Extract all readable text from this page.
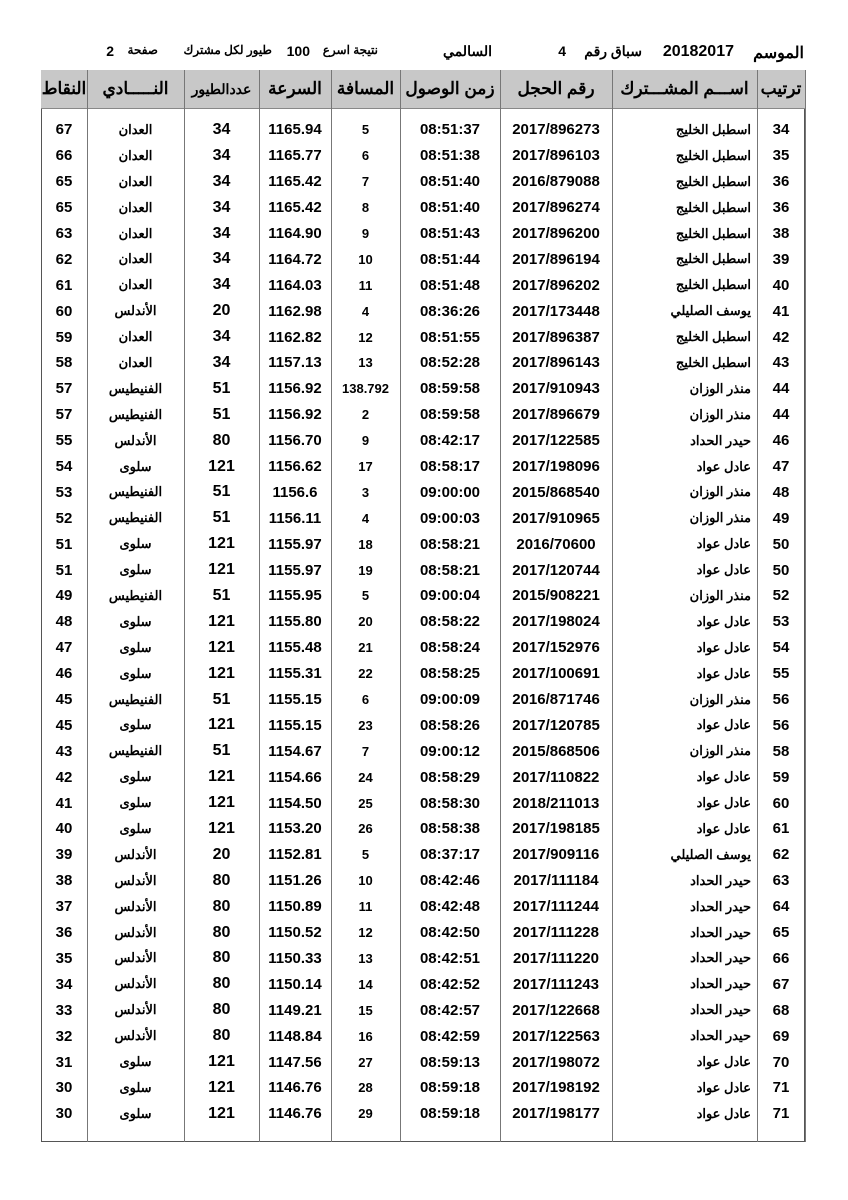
الموسم
20182017
سباق رقم
4
السالمي
نتيجة اسرع
100
طيور لكل مشترك
صفحة
2
ترتيب	اســـم المشـــترك	رقم الحجل	زمن الوصول	المسافة	السرعة	عددالطيور	النـــــادي	النقاط

34	اسطبل الخليج	2017/896273	08:51:37	5	1165.94	34	العدان	67
35	اسطبل الخليج	2017/896103	08:51:38	6	1165.77	34	العدان	66
36	اسطبل الخليج	2016/879088	08:51:40	7	1165.42	34	العدان	65
36	اسطبل الخليج	2017/896274	08:51:40	8	1165.42	34	العدان	65
38	اسطبل الخليج	2017/896200	08:51:43	9	1164.90	34	العدان	63
39	اسطبل الخليج	2017/896194	08:51:44	10	1164.72	34	العدان	62
40	اسطبل الخليج	2017/896202	08:51:48	11	1164.03	34	العدان	61
41	يوسف الصليلي	2017/173448	08:36:26	4	1162.98	20	الأندلس	60
42	اسطبل الخليج	2017/896387	08:51:55	12	1162.82	34	العدان	59
43	اسطبل الخليج	2017/896143	08:52:28	13	1157.13	34	العدان	58
44	منذر الوزان	2017/910943	08:59:58	138.792	1156.92	51	الفنيطيس	57
44	منذر الوزان	2017/896679	08:59:58	2	1156.92	51	الفنيطيس	57
46	حيدر الحداد	2017/122585	08:42:17	9	1156.70	80	الأندلس	55
47	عادل عواد	2017/198096	08:58:17	17	1156.62	121	سلوى	54
48	منذر الوزان	2015/868540	09:00:00	3	1156.6	51	الفنيطيس	53
49	منذر الوزان	2017/910965	09:00:03	4	1156.11	51	الفنيطيس	52
50	عادل عواد	2016/70600	08:58:21	18	1155.97	121	سلوى	51
50	عادل عواد	2017/120744	08:58:21	19	1155.97	121	سلوى	51
52	منذر الوزان	2015/908221	09:00:04	5	1155.95	51	الفنيطيس	49
53	عادل عواد	2017/198024	08:58:22	20	1155.80	121	سلوى	48
54	عادل عواد	2017/152976	08:58:24	21	1155.48	121	سلوى	47
55	عادل عواد	2017/100691	08:58:25	22	1155.31	121	سلوى	46
56	منذر الوزان	2016/871746	09:00:09	6	1155.15	51	الفنيطيس	45
56	عادل عواد	2017/120785	08:58:26	23	1155.15	121	سلوى	45
58	منذر الوزان	2015/868506	09:00:12	7	1154.67	51	الفنيطيس	43
59	عادل عواد	2017/110822	08:58:29	24	1154.66	121	سلوى	42
60	عادل عواد	2018/211013	08:58:30	25	1154.50	121	سلوى	41
61	عادل عواد	2017/198185	08:58:38	26	1153.20	121	سلوى	40
62	يوسف الصليلي	2017/909116	08:37:17	5	1152.81	20	الأندلس	39
63	حيدر الحداد	2017/111184	08:42:46	10	1151.26	80	الأندلس	38
64	حيدر الحداد	2017/111244	08:42:48	11	1150.89	80	الأندلس	37
65	حيدر الحداد	2017/111228	08:42:50	12	1150.52	80	الأندلس	36
66	حيدر الحداد	2017/111220	08:42:51	13	1150.33	80	الأندلس	35
67	حيدر الحداد	2017/111243	08:42:52	14	1150.14	80	الأندلس	34
68	حيدر الحداد	2017/122668	08:42:57	15	1149.21	80	الأندلس	33
69	حيدر الحداد	2017/122563	08:42:59	16	1148.84	80	الأندلس	32
70	عادل عواد	2017/198072	08:59:13	27	1147.56	121	سلوى	31
71	عادل عواد	2017/198192	08:59:18	28	1146.76	121	سلوى	30
71	عادل عواد	2017/198177	08:59:18	29	1146.76	121	سلوى	30
